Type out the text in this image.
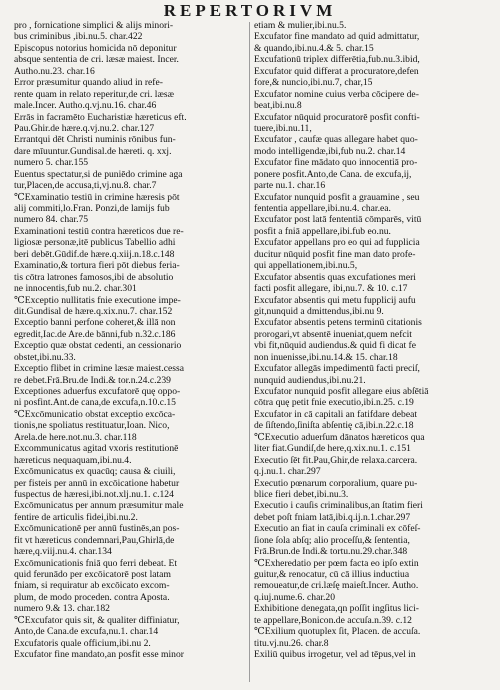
REPERTORIVM
pro , fornicatione simplici & alijs minori-
bus criminibus ,ibi.nu.5. char.422
Episcopus notorius homicida nō deponitur
absque sententia de cri. læsæ maiest. Incer.
Autho.nu.23. char.16
Error præsumitur quando aliud in refe-
rente quam in relato reperitur,de cri. læsæ
male.Incer. Autho.q.vj.nu.16. char.46
Errās in facramēto Eucharistiæ hæreticus eft.
Pau.Ghir.de hære.q.vj.nu.2. char.127
Errantqui dēt Christi numinis rōnibus fun-
dare mīuuntur.Gundisal.de hæreti. q. xxj.
numero 5. char.155
Euentus spectatur,si de puniēdo crimine aga
tur,Placen,de accusa,ti,vj.nu.8. char.7
℃Examinatio testiū in crimine hæresis pōt
alij commiti,lo.Fran. Ponzi,de lamijs fub
numero 84. char.75
Examinationi testiū contra hæreticos due re-
ligiosæ personæ,itē publicus Tabellio adhi
beri debēt.Gūdif.de hære.q.xiij.n.18.c.148
Examinatio,& tortura fieri pōt diebus feria-
tis cōtra latrones famosos,ibi de absolutio
ne innocentis,fub nu.2. char.301
℃Exceptio nullitatis fnie executione impe-
dit.Gundisal de hære.q.xix.nu.7. char.152
Exceptio banni perfone coheret,& illā non
egredit,Iac.de Are.de bānni,fub n.32.c.186
Exceptio quæ obstat cedenti, an cessionario
obstet,ibi.nu.33.
Exceptio flibet in crimine læsæ maiest.cessa
re debet.Frā.Bru.de Indi.& tor.n.24.c.239
Exceptiones aduerfus excufatorē quę oppo-
ni posfint.Ant.de cana,de excufa,n.10.c.15
℃Excōmunicatio obstat exceptio excōca-
tionis,ne spoliatus restituatur,Ioan. Nico,
Arela.de here.not.nu.3. char.118
Excommunicatus agitad vxoris restitutionē
hæreticus nequaquam,ibi.nu.4.
Excōmunicatus ex quacūq; causa & ciuili,
per fisteis per annū in excōicatione habetur
fuspectus de hæresi,ibi.not.xlj.nu.1. c.124
Excōmunicatus per annum præsumitur male
fentire de articulis fidei,ibi.nu.2.
Excōmunicationē per annū fustinēs,an pos-
fit vt hæreticus condemnari,Pau,Ghirlā,de
hære,q.viij.nu.4. char.134
Excōmunicationis fniā quo ferri debeat. Et
quid ferunādo per excōicatorē post latam
fniam, si requiratur ab excōicato excom-
plum, de modo proceden. contra Aposta.
numero 9.& 13. char.182
℃Excufator quis sit, & qualiter diffiniatur,
Anto,de Cana.de excufa,nu.1. char.14
Excufatoris quale officium,ibi.nu 2.
Excufator fine mandato,an posfit esse minor
etiam & mulier,ibi.nu.5.
Excufator fine mandato ad quid admittatur,
& quando,ibi.nu.4.& 5. char.15
Excufationū triplex differētia,fub.nu.3.ibid,
Excufator quid differat a procuratore,defen
fore,& nuncio,ibi.nu.7, char,15
Excufator nomine cuius verba cōcipere de-
beat,ibi.nu.8
Excufator nūquid procuratorē posfit confti-
tuere,ibi.nu.11,
Excufator , caufæ quas allegare habet quo-
modo intelligendæ,ibi,fub nu.2. char.14
Excufator fine mādato quo innocentiā pro-
ponere posfit.Anto,de Cana. de excufa,ij,
parte nu.1. char.16
Excufator nunquid posfit a grauamine , seu
fententia appellare,ibi.nu.4. char.ea.
Excufator post latā fententiā cōmparēs, vitū
posfit a fniā appellare,ibi.fub eo.nu.
Excufator appellans pro eo qui ad fupplicia
ducitur nūquid posfit fine man dato profe-
qui appellationem,ibi.nu.5,
Excufator absentis quas excufationes meri
facti posfit allegare, ibi,nu.7. & 10. c.17
Excufator absentis qui metu fupplicij aufu
git,nunquid a dmittendus,ibi.nu 9.
Excufator absentis petens terminū citationis
prorogari,vt absentē inueniat,quem nefcit
vbi fit,nūquid audiendus.& quid fi dicat fe
non inuenisse,ibi.nu.14.& 15. char.18
Excufator allegās impedimentū facti preciſ,
nunquid audiendus,ibi.nu.21.
Excufator nunquid posfit allegare eius abſētiā
cōtra quę petit fnie executio,ibi.n.25. c.19
Excufator in cā capitali an fatifdare debeat
de ſiſtendo,ſiniſta abſentię cā,ibi.n.22.c.18
℃Executio aduerſum dānatos hæreticos qua
liter fiat.Gundiſ,de here,q.xix.nu.1. c.151
Executio ſēt fit.Pau,Ghir,de relaxa.carcera.
q.j.nu.1. char.297
Executio pœnarum corporalium, quare pu-
blice fieri debet,ibi.nu.3.
Executio i cauſis criminalibus,an ſtatim fieri
debet poſt fniam latā,ibi.q.ij.n.1.char.297
Executio an fiat in cauſa criminali ex cōfeſ-
ſione ſola abſq; alio proceſſu,& ſententia,
Frā.Brun.de Indi.& tortu.nu.29.char.348
℃Exheredatio per pœm facta eo ipſo extin
guitur,& renocatur, cū cā illius inductiua
remoueatur,de cri.læſę maieſt.Incer. Autho.
q.iuj.nume.6. char.20
Exhibitione denegata,qn poſſit ingſitus lici-
te appellare,Bonicon.de accuſa.n.39. c.12
℃Exilium quotuplex ſit, Placen. de accuſa.
titu.vj.nu.26. char.8
Exiliū quibus irrogetur, vel ad tēpus,vel in
